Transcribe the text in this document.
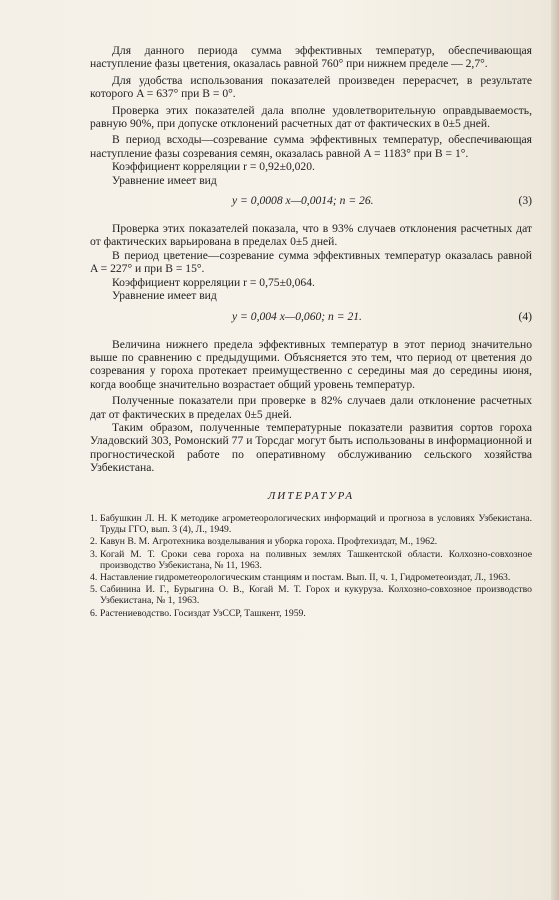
Для данного периода сумма эффективных температур, обеспечивающая наступление фазы цветения, оказалась равной 760° при нижнем пределе — 2,7°.

Для удобства использования показателей произведен перерасчет, в результате которого A = 637° при B = 0°.

Проверка этих показателей дала вполне удовлетворительную оправдываемость, равную 90%, при допуске отклонений расчетных дат от фактических в 0±5 дней.

В период всходы—созревание сумма эффективных температур, обеспечивающая наступление фазы созревания семян, оказалась равной A = 1183° при B = 1°.

Коэффициент корреляции r = 0,92±0,020.

Уравнение имеет вид

y = 0,0008 x—0,0014; n = 26.	(3)

Проверка этих показателей показала, что в 93% случаев отклонения расчетных дат от фактических варьирована в пределах 0±5 дней.

В период цветение—созревание сумма эффективных температур оказалась равной A = 227° и при B = 15°.

Коэффициент корреляции r = 0,75±0,064.

Уравнение имеет вид

y = 0,004 x—0,060; n = 21.	(4)

Величина нижнего предела эффективных температур в этот период значительно выше по сравнению с предыдущими. Объясняется это тем, что период от цветения до созревания у гороха протекает преимущественно с середины мая до середины июня, когда вообще значительно возрастает общий уровень температур.

Полученные показатели при проверке в 82% случаев дали отклонение расчетных дат от фактических в пределах 0±5 дней.

Таким образом, полученные температурные показатели развития сортов гороха Уладовский 303, Ромонский 77 и Торсдаг могут быть использованы в информационной и прогностической работе по оперативному обслуживанию сельского хозяйства Узбекистана.

ЛИТЕРАТУРА
1. Бабушкин Л. Н. К методике агрометеорологических информаций и прогноза в условиях Узбекистана. Труды ГГО, вып. 3 (4), Л., 1949.
2. Кавун В. М. Агротехника возделывания и уборка гороха. Профтехиздат, М., 1962.
3. Когай М. Т. Сроки сева гороха на поливных землях Ташкентской области. Колхозно-совхозное производство Узбекистана, № 11, 1963.
4. Наставление гидрометеорологическим станциям и постам. Вып. II, ч. 1, Гидрометеоиздат, Л., 1963.
5. Сабинина И. Г., Бурыгина О. В., Когай М. Т. Горох и кукуруза. Колхозно-совхозное производство Узбекистана, № 1, 1963.
6. Растениеводство. Госиздат УзССР, Ташкент, 1959.
